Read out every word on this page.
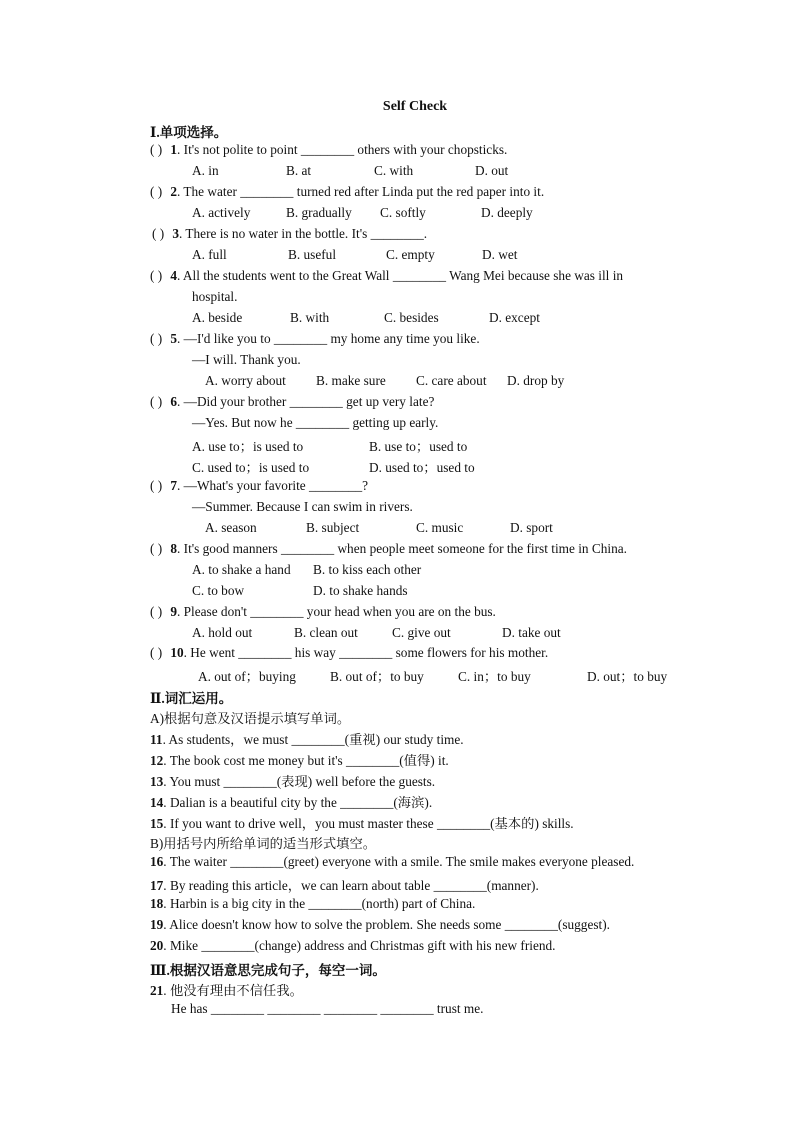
Self Check
Ⅰ.单项选择。
( ) 1. It's not polite to point ________ others with your chopsticks.
A. in	B. at	C. with	D. out
( ) 2. The water ________ turned red after Linda put the red paper into it.
A. actively	B. gradually C. softly	D. deeply
( ) 3. There is no water in the bottle. It's ________.
A. full	B. useful	C. empty	D. wet
( ) 4. All the students went to the Great Wall ________ Wang Mei because she was ill in
hospital.
A. beside	B. with	C. besides	D. except
( ) 5. —I'd like you to ________ my home any time you like.
—I will. Thank you.
A. worry about B. make sure C. care about D. drop by
( ) 6. —Did your brother ________ get up very late?
—Yes. But now he ________ getting up early.
A. use to；is used to	B. use to；used to
C. used to；is used to	D. used to；used to
( ) 7. —What's your favorite ________?
—Summer. Because I can swim in rivers.
A. season	B. subject	C. music	D. sport
( ) 8. It's good manners ________ when people meet someone for the first time in China.
A. to shake a hand B. to kiss each other
C. to bow	D. to shake hands
( ) 9. Please don't ________ your head when you are on the bus.
A. hold out	B. clean out	C. give out	D. take out
( ) 10. He went ________ his way ________ some flowers for his mother.
A. out of；buying	B. out of；to buy	C. in；to buy	D. out；to buy
Ⅱ.词汇运用。
A)根据句意及汉语提示填写单词。
11. As students，we must ________(重视) our study time.
12. The book cost me money but it's ________(值得) it.
13. You must ________(表现) well before the guests.
14. Dalian is a beautiful city by the ________(海滨).
15. If you want to drive well，you must master these ________(基本的) skills.
B)用括号内所给单词的适当形式填空。
16. The waiter ________(greet) everyone with a smile. The smile makes everyone pleased.
17. By reading this article，we can learn about table ________(manner).
18. Harbin is a big city in the ________(north) part of China.
19. Alice doesn't know how to solve the problem. She needs some ________(suggest).
20. Mike ________(change) address and Christmas gift with his new friend.
Ⅲ.根据汉语意思完成句子，每空一词。
21. 他没有理由不信任我。
He has ________ ________ ________ ________ trust me.
